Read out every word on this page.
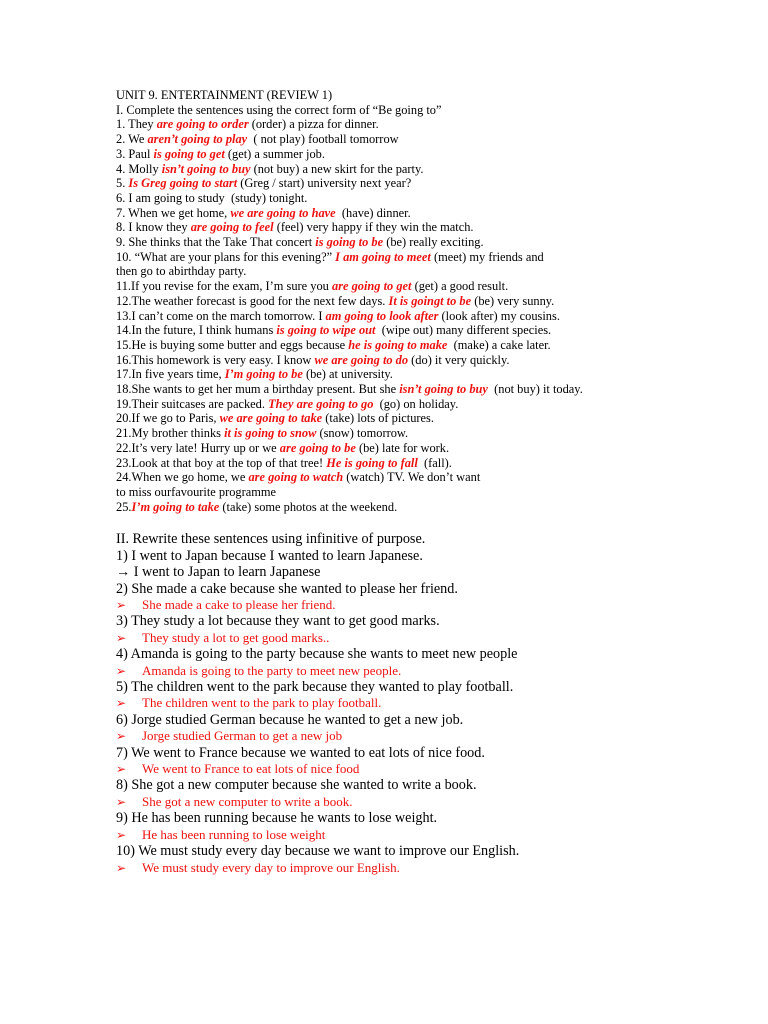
UNIT 9. ENTERTAINMENT (REVIEW 1)
I. Complete the sentences using the correct form of “Be going to”
1. They are going to order (order) a pizza for dinner.
2. We aren’t going to play  ( not play) football tomorrow
3. Paul is going to get (get) a summer job.
4. Molly isn’t going to buy (not buy) a new skirt for the party.
5. Is Greg going to start (Greg / start) university next year?
6. I am going to study  (study) tonight.
7. When we get home, we are going to have  (have) dinner.
8. I know they are going to feel (feel) very happy if they win the match.
9. She thinks that the Take That concert is going to be (be) really exciting.
10. “What are your plans for this evening?” I am going to meet (meet) my friends and
then go to abirthday party.
11.If you revise for the exam, I’m sure you are going to get (get) a good result.
12.The weather forecast is good for the next few days. It is goingt to be (be) very sunny.
13.I can’t come on the march tomorrow. I am going to look after (look after) my cousins.
14.In the future, I think humans is going to wipe out  (wipe out) many different species.
15.He is buying some butter and eggs because he is going to make  (make) a cake later.
16.This homework is very easy. I know we are going to do (do) it very quickly.
17.In five years time, I’m going to be (be) at university.
18.She wants to get her mum a birthday present. But she isn’t going to buy  (not buy) it today.
19.Their suitcases are packed. They are going to go  (go) on holiday.
20.If we go to Paris, we are going to take (take) lots of pictures.
21.My brother thinks it is going to snow (snow) tomorrow.
22.It’s very late! Hurry up or we are going to be (be) late for work.
23.Look at that boy at the top of that tree! He is going to fall  (fall).
24.When we go home, we are going to watch (watch) TV. We don’t want
to miss ourfavourite programme
25.I’m going to take (take) some photos at the weekend.
II. Rewrite these sentences using infinitive of purpose.
1) I went to Japan because I wanted to learn Japanese.
→ I went to Japan to learn Japanese
2) She made a cake because she wanted to please her friend.
➢ She made a cake to please her friend.
3) They study a lot because they want to get good marks.
➢ They study a lot to get good marks..
4) Amanda is going to the party because she wants to meet new people
➢ Amanda is going to the party to meet new people.
5) The children went to the park because they wanted to play football.
➢ The children went to the park to play football.
6) Jorge studied German because he wanted to get a new job.
➢ Jorge studied German to get a new job
7) We went to France because we wanted to eat lots of nice food.
➢ We went to France to eat lots of nice food
8) She got a new computer because she wanted to write a book.
➢ She got a new computer to write a book.
9) He has been running because he wants to lose weight.
➢ He has been running to lose weight
10) We must study every day because we want to improve our English.
➢ We must study every day to improve our English.
